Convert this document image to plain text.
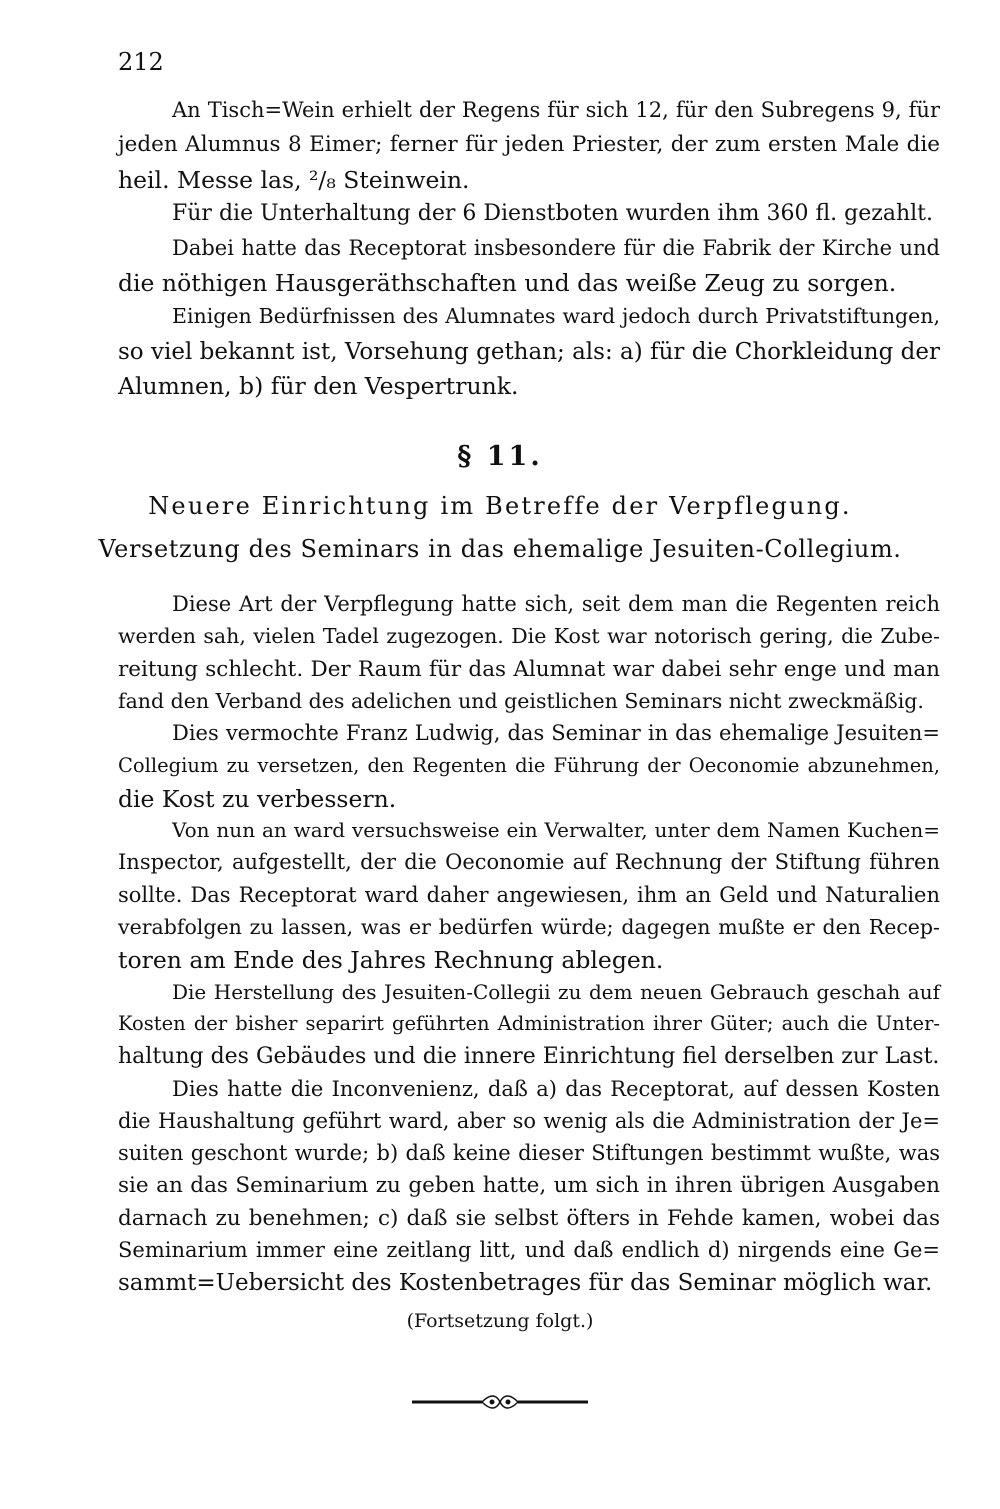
212
An Tisch=Wein erhielt der Regens für sich 12, für den Subregens 9, für
jeden Alumnus 8 Eimer; ferner für jeden Priester, der zum ersten Male die
heil. Messe las, ²/₈ Steinwein.
Für die Unterhaltung der 6 Dienstboten wurden ihm 360 fl. gezahlt.
Dabei hatte das Receptorat insbesondere für die Fabrik der Kirche und
die nöthigen Hausgeräthschaften und das weiße Zeug zu sorgen.
Einigen Bedürfnissen des Alumnates ward jedoch durch Privatstiftungen,
so viel bekannt ist, Vorsehung gethan; als: a) für die Chorkleidung der
Alumnen, b) für den Vespertrunk.
§ 11.
Neuere Einrichtung im Betreffe der Verpflegung.
Versetzung des Seminars in das ehemalige Jesuiten-Collegium.
Diese Art der Verpflegung hatte sich, seit dem man die Regenten reich
werden sah, vielen Tadel zugezogen. Die Kost war notorisch gering, die Zube-
reitung schlecht. Der Raum für das Alumnat war dabei sehr enge und man
fand den Verband des adelichen und geistlichen Seminars nicht zweckmäßig.
Dies vermochte Franz Ludwig, das Seminar in das ehemalige Jesuiten=
Collegium zu versetzen, den Regenten die Führung der Oeconomie abzunehmen,
die Kost zu verbessern.
Von nun an ward versuchsweise ein Verwalter, unter dem Namen Kuchen=
Inspector, aufgestellt, der die Oeconomie auf Rechnung der Stiftung führen
sollte. Das Receptorat ward daher angewiesen, ihm an Geld und Naturalien
verabfolgen zu lassen, was er bedürfen würde; dagegen mußte er den Recep-
toren am Ende des Jahres Rechnung ablegen.
Die Herstellung des Jesuiten-Collegii zu dem neuen Gebrauch geschah auf
Kosten der bisher separirt geführten Administration ihrer Güter; auch die Unter-
haltung des Gebäudes und die innere Einrichtung fiel derselben zur Last.
Dies hatte die Inconvenienz, daß a) das Receptorat, auf dessen Kosten
die Haushaltung geführt ward, aber so wenig als die Administration der Je=
suiten geschont wurde; b) daß keine dieser Stiftungen bestimmt wußte, was
sie an das Seminarium zu geben hatte, um sich in ihren übrigen Ausgaben
darnach zu benehmen; c) daß sie selbst öfters in Fehde kamen, wobei das
Seminarium immer eine zeitlang litt, und daß endlich d) nirgends eine Ge=
sammt=Uebersicht des Kostenbetrages für das Seminar möglich war.
(Fortsetzung folgt.)
